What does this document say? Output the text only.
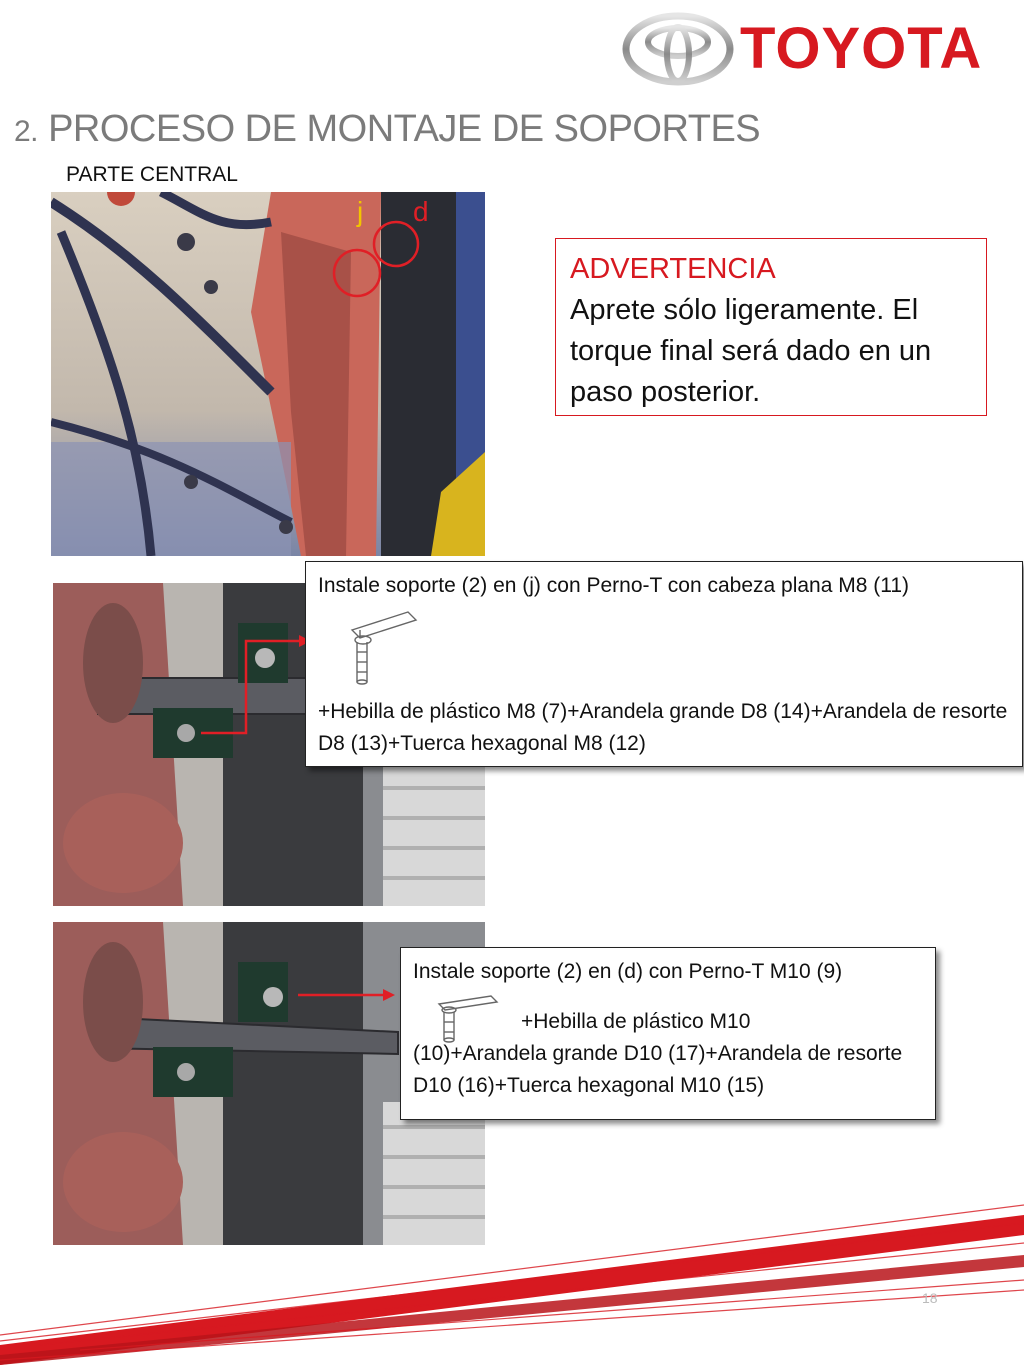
TOYOTA
2. PROCESO DE MONTAJE DE SOPORTES
PARTE CENTRAL
j d
ADVERTENCIA
Aprete sólo ligeramente. El torque final será dado en un paso posterior.
Instale soporte (2) en (j) con Perno-T con cabeza plana M8 (11)
+Hebilla de plástico M8 (7)+Arandela grande D8 (14)+Arandela de resorte D8 (13)+Tuerca hexagonal M8 (12)
Instale soporte (2) en (d) con Perno-T M10 (9)
+Hebilla de plástico M10
(10)+Arandela grande D10 (17)+Arandela de resorte D10 (16)+Tuerca hexagonal M10 (15)
18
